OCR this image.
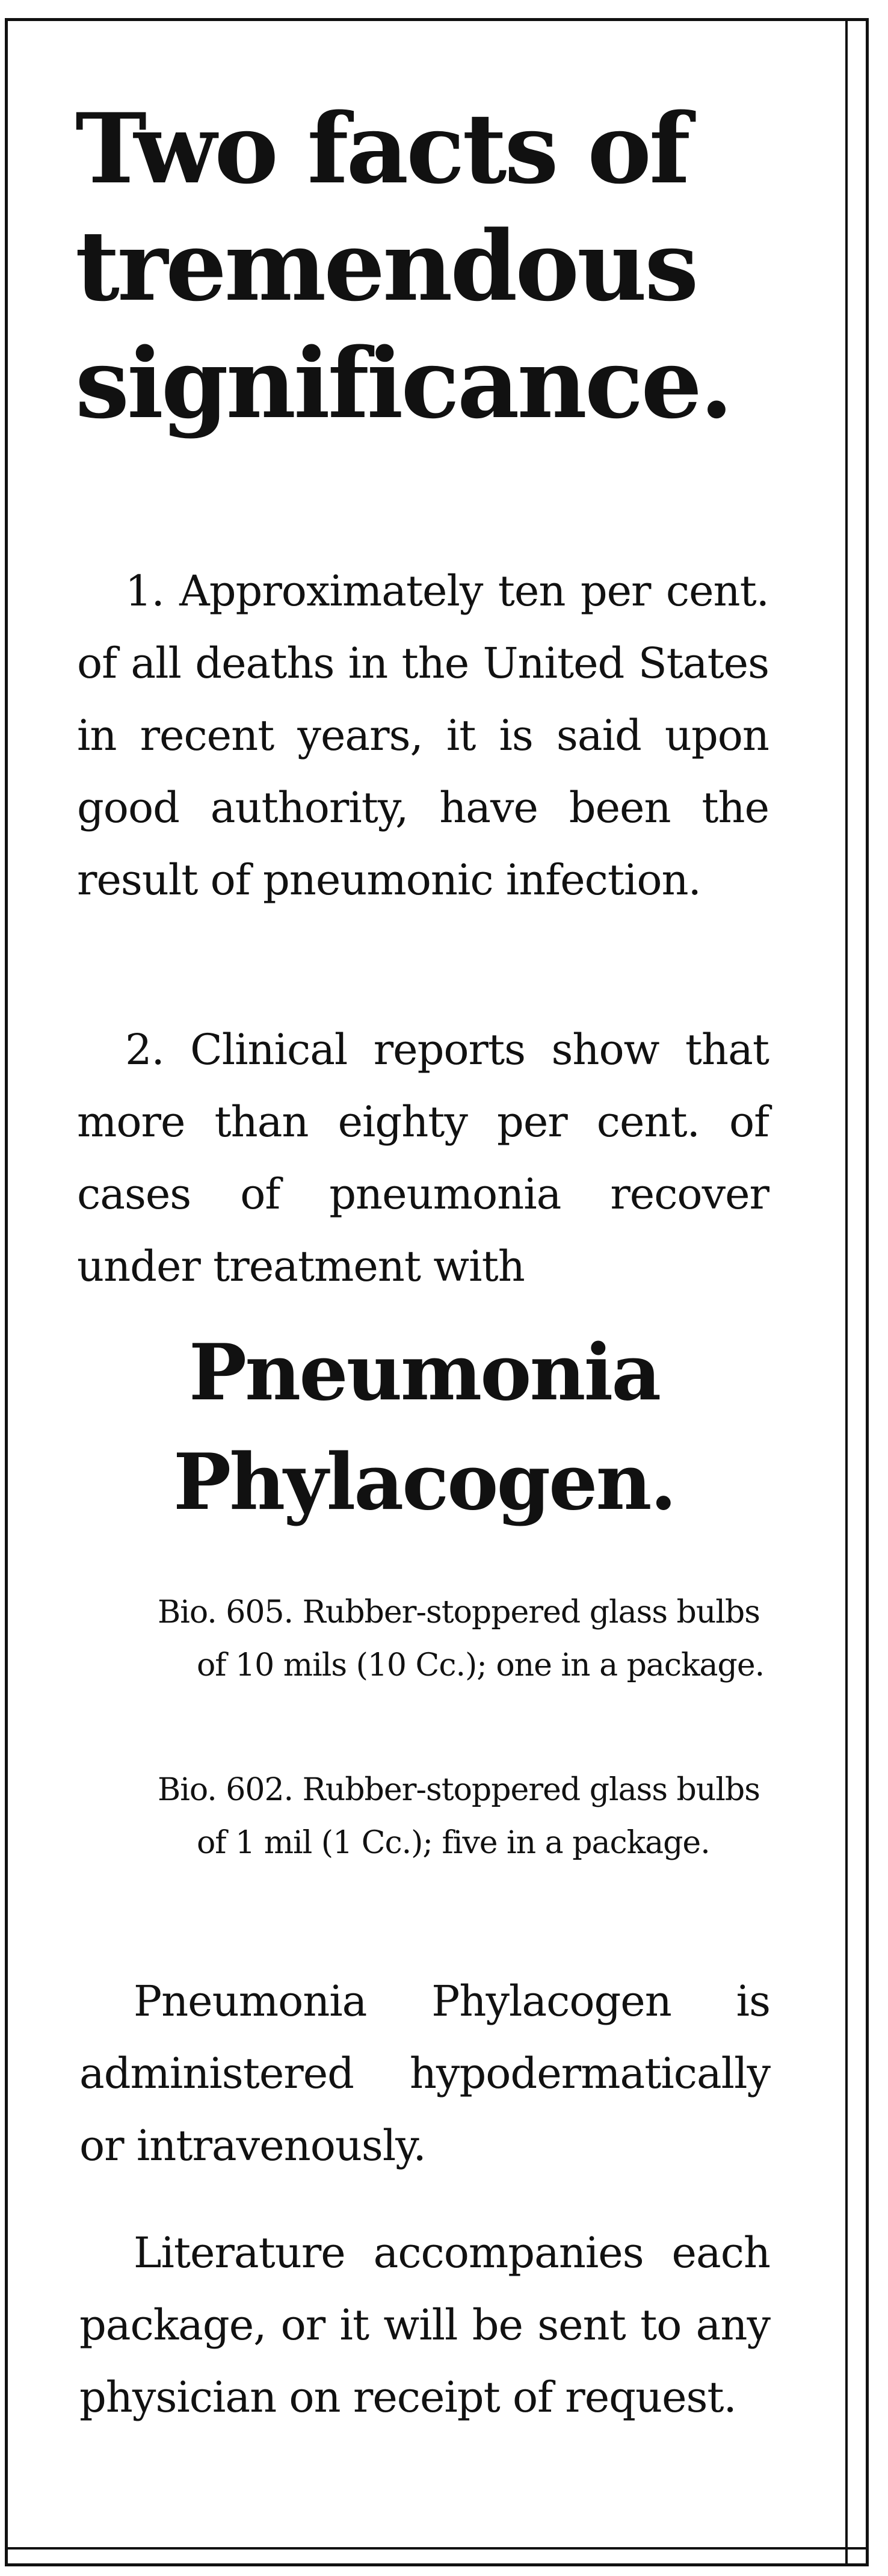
Two facts of tremendous significance.

1. Approximately ten per cent. of all deaths in the United States in recent years, it is said upon good authority, have been the result of pneumonic infection.

2. Clinical reports show that more than eighty per cent. of cases of pneumonia recover under treatment with

Pneumonia Phylacogen.

Bio. 605. Rubber-stoppered glass bulbs of 10 mils (10 Cc.); one in a package.

Bio. 602. Rubber-stoppered glass bulbs of 1 mil (1 Cc.); five in a package.

Pneumonia Phylacogen is administered hypodermatically or intravenously.

Literature accompanies each package, or it will be sent to any physician on receipt of request.
